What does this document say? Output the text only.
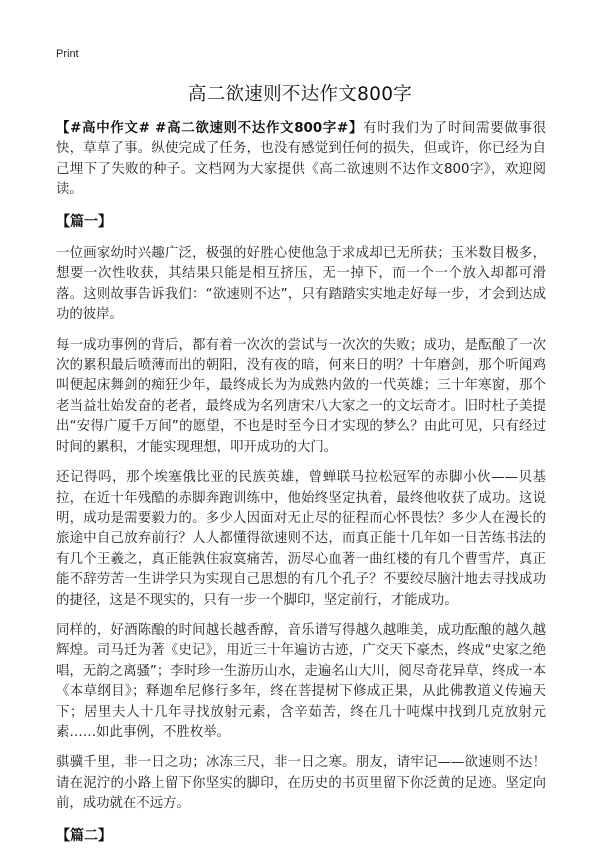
Print
高二欲速则不达作文800字

【#高中作文# #高二欲速则不达作文800字#】有时我们为了时间需要做事很快，草草了事。纵使完成了任务，也没有感觉到任何的损失，但或许，你已经为自己埋下了失败的种子。文档网为大家提供《高二欲速则不达作文800字》，欢迎阅读。

【篇一】

一位画家幼时兴趣广泛，极强的好胜心使他急于求成却已无所获；玉米数目极多，想要一次性收获，其结果只能是相互挤压，无一掉下，而一个一个放入却都可滑落。这则故事告诉我们：“欲速则不达”，只有踏踏实实地走好每一步，才会到达成功的彼岸。

每一成功事例的背后，都有着一次次的尝试与一次次的失败；成功，是酝酿了一次次的累积最后喷薄而出的朝阳，没有夜的暗，何来日的明？十年磨剑，那个听闻鸡叫便起床舞剑的痴狂少年，最终成长为为成熟内敛的一代英雄；三十年寒窗，那个老当益壮始发奋的老者，最终成为名列唐宋八大家之一的文坛奇才。旧时杜子美提出“安得广厦千万间”的愿望，不也是时至今日才实现的梦么？由此可见，只有经过时间的累积，才能实现理想，叩开成功的大门。

还记得吗，那个埃塞俄比亚的民族英雄，曾蝉联马拉松冠军的赤脚小伙——贝基拉，在近十年残酷的赤脚奔跑训练中，他始终坚定执着，最终他收获了成功。这说明，成功是需要毅力的。多少人因面对无止尽的征程而心怀畏怯？多少人在漫长的旅途中自己放弃前行？人人都懂得欲速则不达，而真正能十几年如一日苦练书法的有几个王羲之，真正能孰住寂寞痛苦，沥尽心血著一曲红楼的有几个曹雪芹，真正能不辞劳苦一生讲学只为实现自己思想的有几个孔子？不要绞尽脑汁地去寻找成功的捷径，这是不现实的，只有一步一个脚印，坚定前行，才能成功。

同样的，好酒陈酿的时间越长越香醇，音乐谱写得越久越唯美，成功酝酿的越久越辉煌。司马迁为著《史记》，用近三十年遍访古迹，广交天下豪杰，终成“史家之绝唱，无韵之离骚”；李时珍一生游历山水，走遍名山大川，阅尽奇花异草，终成一本《本草纲目》；释迦牟尼修行多年，终在菩提树下修成正果，从此佛教道义传遍天下；居里夫人十几年寻找放射元素，含辛茹苦，终在几十吨煤中找到几克放射元素……如此事例，不胜枚举。

骐骥千里，非一日之功；冰冻三尺，非一日之寒。朋友，请牢记——欲速则不达！请在泥泞的小路上留下你坚实的脚印，在历史的书页里留下你泛黄的足迹。坚定向前，成功就在不远方。

【篇二】
